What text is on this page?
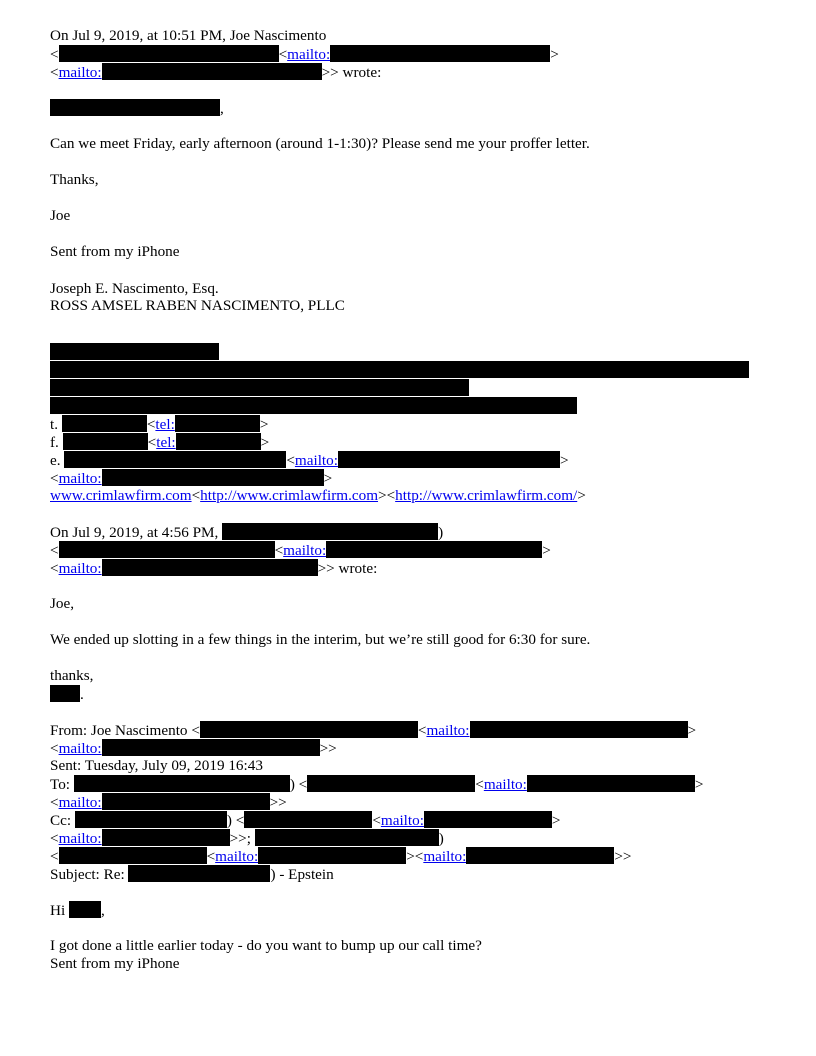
On Jul 9, 2019, at 10:51 PM, Joe Nascimento
<	<mailto:	>
<mailto:	>> wrote:
,
Can we meet Friday, early afternoon (around 1-1:30)? Please send me your proffer letter.
Thanks,
Joe
Sent from my iPhone
Joseph E. Nascimento, Esq.
ROSS AMSEL RABEN NASCIMENTO, PLLC
t.	<tel:	>
f.	<tel:	>
e.	<mailto:	>
<mailto:	>
www.crimlawfirm.com<http://www.crimlawfirm.com><http://www.crimlawfirm.com/>
On Jul 9, 2019, at 4:56 PM,	)
<	<mailto:	>
<mailto:	>> wrote:
Joe,
We ended up slotting in a few things in the interim, but we’re still good for 6:30 for sure.
thanks,
.
From: Joe Nascimento <	<mailto:	>
<mailto:	>>
Sent: Tuesday, July 09, 2019 16:43
To:	) <	<mailto:	>
<mailto:	>>
Cc:	) <	<mailto:	>
<mailto:	>>;	)
<	<mailto:	><mailto:	>>
Subject: Re:	) - Epstein
Hi ,
I got done a little earlier today - do you want to bump up our call time?
Sent from my iPhone
